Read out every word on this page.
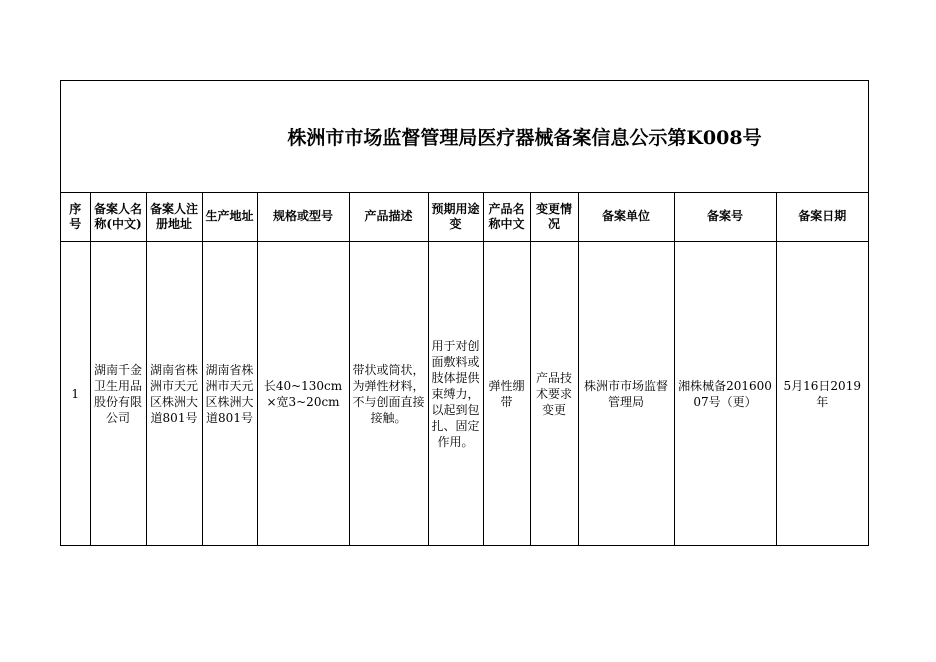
株洲市市场监督管理局医疗器械备案信息公示第K008号
序号	备案人名称(中文)	备案人注册地址	生产地址	规格或型号	产品描述	预期用途变	产品名称中文	变更情况	备案单位	备案号	备案日期
1	湖南千金卫生用品股份有限公司	湖南省株洲市天元区株洲大道801号	湖南省株洲市天元区株洲大道801号	长40~130cm×宽3~20cm	带状或筒状，为弹性材料，不与创面直接接触。	用于对创面敷料或肢体提供束缚力，以起到包扎、固定作用。	弹性绷带	产品技术要求变更	株洲市市场监督管理局	湘株械备20160007号（更）	5月16日2019年
